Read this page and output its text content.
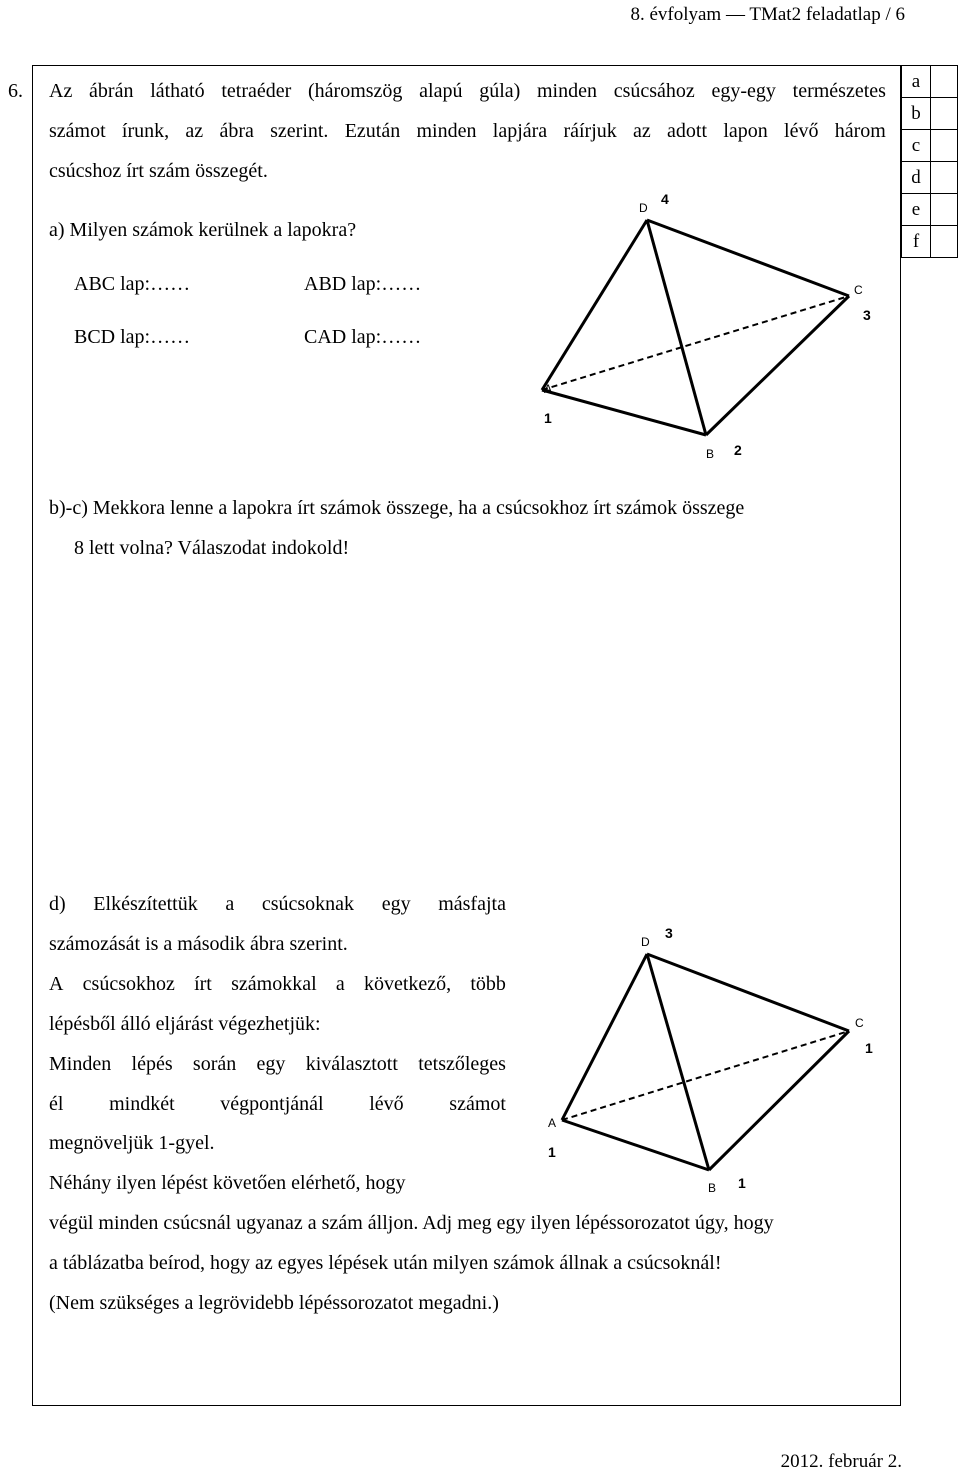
8. évfolyam — TMat2 feladatlap / 6
a	
b	
c	
d	
e	
f	
6. Az ábrán látható tetraéder (háromszög alapú gúla) minden csúcsához egy-egy természetes
számot írunk, az ábra szerint. Ezután minden lapjára ráírjuk az adott lapon lévő három
csúcshoz írt szám összegét.
a) Milyen számok kerülnek a lapokra?
ABC lap:……	ABD lap:……
BCD lap:……	CAD lap:……
D
4
C
3
A
1
B 2
b)-c) Mekkora lenne a lapokra írt számok összege, ha a csúcsokhoz írt számok összege
8 lett volna? Válaszodat indokold!
d) Elkészítettük a csúcsoknak egy másfajta
számozását is a második ábra szerint.
A csúcsokhoz írt számokkal a következő, több
lépésből álló eljárást végezhetjük:
Minden lépés során egy kiválasztott tetszőleges
él mindkét végpontjánál lévő számot
megnöveljük 1-gyel.
Néhány ilyen lépést követően elérhető, hogy
végül minden csúcsnál ugyanaz a szám álljon. Adj meg egy ilyen lépéssorozatot úgy, hogy
a táblázatba beírod, hogy az egyes lépések után milyen számok állnak a csúcsoknál!
(Nem szükséges a legrövidebb lépéssorozatot megadni.)
D
3
C
1
A
1
B 1
2012. február 2.
